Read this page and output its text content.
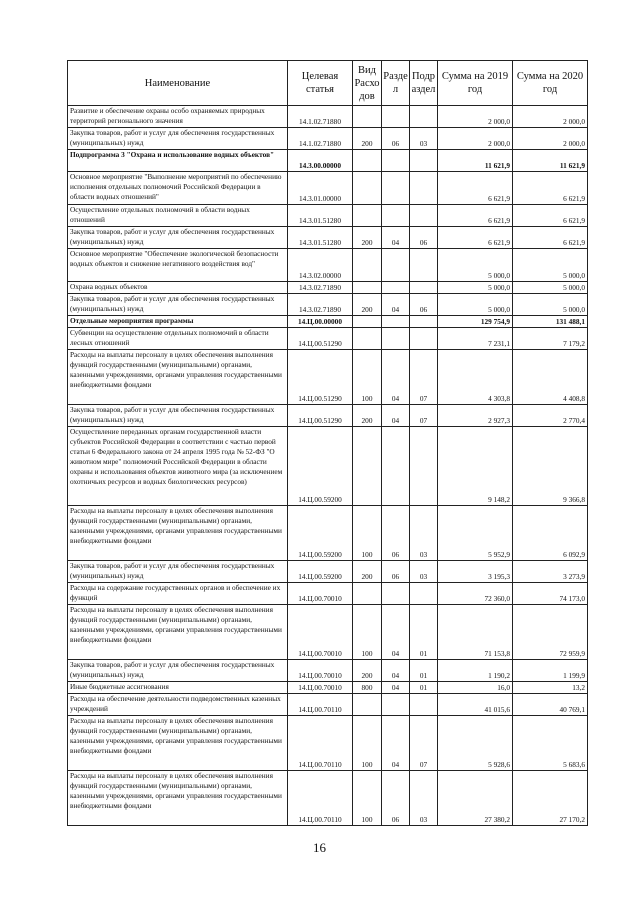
Наименование	Целевая статья	Вид Расхо дов	Разде л	Подр аздел	Сумма на 2019 год	Сумма на 2020 год
Развитие и обеспечение охраны особо охраняемых природных территорий регионального значения	14.1.02.71880				2 000,0	2 000,0
Закупка товаров, работ и услуг для обеспечения государственных (муниципальных) нужд	14.1.02.71880	200	06	03	2 000,0	2 000,0
Подпрограмма 3 "Охрана и использование водных объектов"	14.3.00.00000				11 621,9	11 621,9
Основное мероприятие "Выполнение мероприятий по обеспечению исполнения отдельных полномочий Российской Федерации в области водных отношений"	14.3.01.00000				6 621,9	6 621,9
Осуществление отдельных полномочий в области водных отношений	14.3.01.51280				6 621,9	6 621,9
Закупка товаров, работ и услуг для обеспечения государственных (муниципальных) нужд	14.3.01.51280	200	04	06	6 621,9	6 621,9
Основное мероприятие "Обеспечение экологической безопасности водных объектов и снижение негативного воздействия вод"	14.3.02.00000				5 000,0	5 000,0
Охрана водных объектов	14.3.02.71890				5 000,0	5 000,0
Закупка товаров, работ и услуг для обеспечения государственных (муниципальных) нужд	14.3.02.71890	200	04	06	5 000,0	5 000,0
Отдельные мероприятия программы	14.Ц.00.00000				129 754,9	131 488,1
Субвенции на осуществление отдельных полномочий в области лесных отношений	14.Ц.00.51290				7 231,1	7 179,2
Расходы на выплаты персоналу в целях обеспечения выполнения функций государственными (муниципальными) органами, казенными учреждениями, органами управления государственными внебюджетными фондами	14.Ц.00.51290	100	04	07	4 303,8	4 408,8
Закупка товаров, работ и услуг для обеспечения государственных (муниципальных) нужд	14.Ц.00.51290	200	04	07	2 927,3	2 770,4
Осуществление переданных органам государственной власти субъектов Российской Федерации в соответствии с частью первой статьи 6 Федерального закона от 24 апреля 1995 года № 52-ФЗ "О животном мире" полномочий Российской Федерации в области охраны и использования объектов животного мира (за исключением охотничьих ресурсов и водных биологических ресурсов)	14.Ц.00.59200				9 148,2	9 366,8
Расходы на выплаты персоналу в целях обеспечения выполнения функций государственными (муниципальными) органами, казенными учреждениями, органами управления государственными внебюджетными фондами	14.Ц.00.59200	100	06	03	5 952,9	6 092,9
Закупка товаров, работ и услуг для обеспечения государственных (муниципальных) нужд	14.Ц.00.59200	200	06	03	3 195,3	3 273,9
Расходы на содержание государственных органов и обеспечение их функций	14.Ц.00.70010				72 360,0	74 173,0
Расходы на выплаты персоналу в целях обеспечения выполнения функций государственными (муниципальными) органами, казенными учреждениями, органами управления государственными внебюджетными фондами	14.Ц.00.70010	100	04	01	71 153,8	72 959,9
Закупка товаров, работ и услуг для обеспечения государственных (муниципальных) нужд	14.Ц.00.70010	200	04	01	1 190,2	1 199,9
Иные бюджетные ассигнования	14.Ц.00.70010	800	04	01	16,0	13,2
Расходы на обеспечение деятельности подведомственных казенных учреждений	14.Ц.00.70110				41 015,6	40 769,1
Расходы на выплаты персоналу в целях обеспечения выполнения функций государственными (муниципальными) органами, казенными учреждениями, органами управления государственными внебюджетными фондами	14.Ц.00.70110	100	04	07	5 928,6	5 683,6
Расходы на выплаты персоналу в целях обеспечения выполнения функций государственными (муниципальными) органами, казенными учреждениями, органами управления государственными внебюджетными фондами	14.Ц.00.70110	100	06	03	27 380,2	27 170,2
16
